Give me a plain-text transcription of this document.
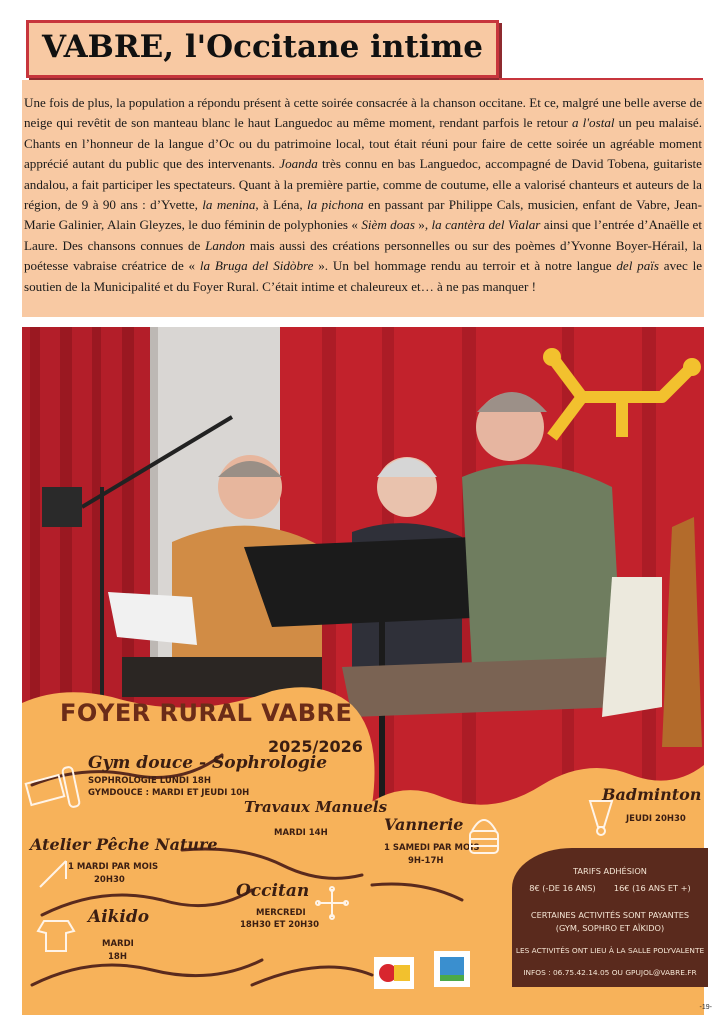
VABRE, l'Occitane intime
Une fois de plus, la population a répondu présent à cette soirée consacrée à la chanson occitane. Et ce, malgré une belle averse de neige qui revêtit de son manteau blanc le haut Languedoc au même moment, rendant parfois le retour a l'ostal un peu malaisé. Chants en l’honneur de la langue d’Oc ou du patrimoine local, tout était réuni pour faire de cette soirée un agréable moment apprécié autant du public que des intervenants. Joanda très connu en bas Languedoc, accompagné de David Tobena, guitariste andalou, a fait participer les spectateurs. Quant à la première partie, comme de coutume, elle a valorisé chanteurs et auteurs de la région, de 9 à 90 ans : d’Yvette, la menina, à Léna, la pichona en passant par Philippe Cals, musicien, enfant de Vabre, Jean-Marie Galinier, Alain Gleyzes, le duo féminin de polyphonies « Sièm doas », la cantèra del Vialar ainsi que l’entrée d’Anaëlle et Laure. Des chansons connues de Landon mais aussi des créations personnelles ou sur des poèmes d’Yvonne Boyer-Hérail, la poétesse vabraise créatrice de « la Bruga del Sidòbre ». Un bel hommage rendu au terroir et à notre langue del païs avec le soutien de la Municipalité et du Foyer Rural. C’était intime et chaleureux et… à ne pas manquer !
FOYER RURAL VABRE
2025/2026
Gym douce - Sophrologie
SOPHROLOGIE LUNDI 18H
GYMDOUCE : MARDI ET JEUDI 10H
Travaux Manuels
MARDI 14H
Atelier Pêche Nature
1 MARDI PAR MOIS
20H30
Occitan
MERCREDI
18H30 ET 20H30
Aikido
MARDI
18H
Vannerie
1 SAMEDI PAR MOIS
9H-17H
Badminton
JEUDI 20H30
TARIFS ADHÉSION
8€ (-DE 16 ANS)       16€ (16 ANS ET +)
CERTAINES ACTIVITÉS SONT PAYANTES
(GYM, SOPHRO ET AÏKIDO)
LES ACTIVITÉS ONT LIEU À LA SALLE POLYVALENTE
INFOS : 06.75.42.14.05 OU GPUJOL@VABRE.FR
-19-
